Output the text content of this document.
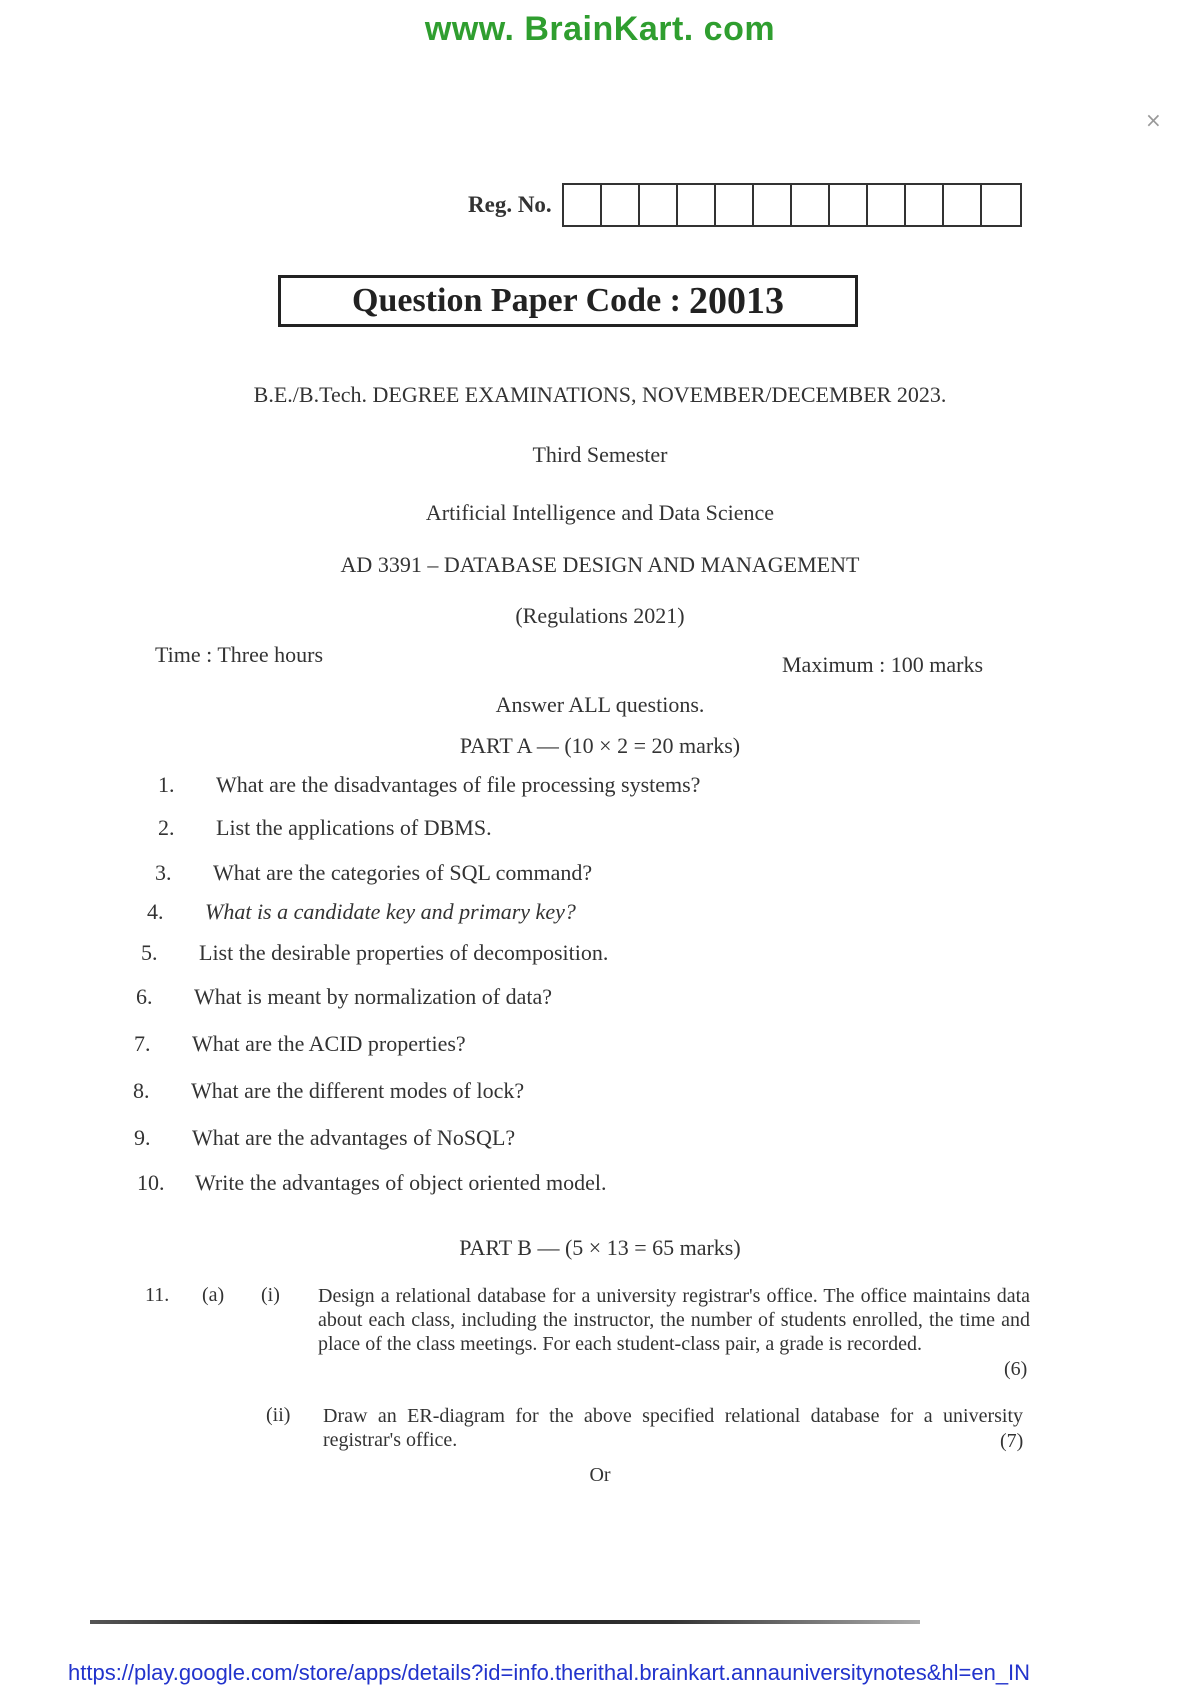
www. BrainKart. com
×
Reg. No.
Question Paper Code : 20013
B.E./B.Tech. DEGREE EXAMINATIONS, NOVEMBER/DECEMBER 2023.
Third Semester
Artificial Intelligence and Data Science
AD 3391 – DATABASE DESIGN AND MANAGEMENT
(Regulations 2021)
Time : Three hours	Maximum : 100 marks
Answer ALL questions.
PART A — (10 × 2 = 20 marks)
1.	What are the disadvantages of file processing systems?
2.	List the applications of DBMS.
3.	What are the categories of SQL command?
4.	What is a candidate key and primary key?
5.	List the desirable properties of decomposition.
6.	What is meant by normalization of data?
7.	What are the ACID properties?
8.	What are the different modes of lock?
9.	What are the advantages of NoSQL?
10.	Write the advantages of object oriented model.
PART B — (5 × 13 = 65 marks)
11. (a) (i) Design a relational database for a university registrar's office. The office maintains data about each class, including the instructor, the number of students enrolled, the time and place of the class meetings. For each student-class pair, a grade is recorded.
(6)
(ii) Draw an ER-diagram for the above specified relational database for a university registrar's office.	(7)
Or
https://play.google.com/store/apps/details?id=info.therithal.brainkart.annauniversitynotes&hl=en_IN
